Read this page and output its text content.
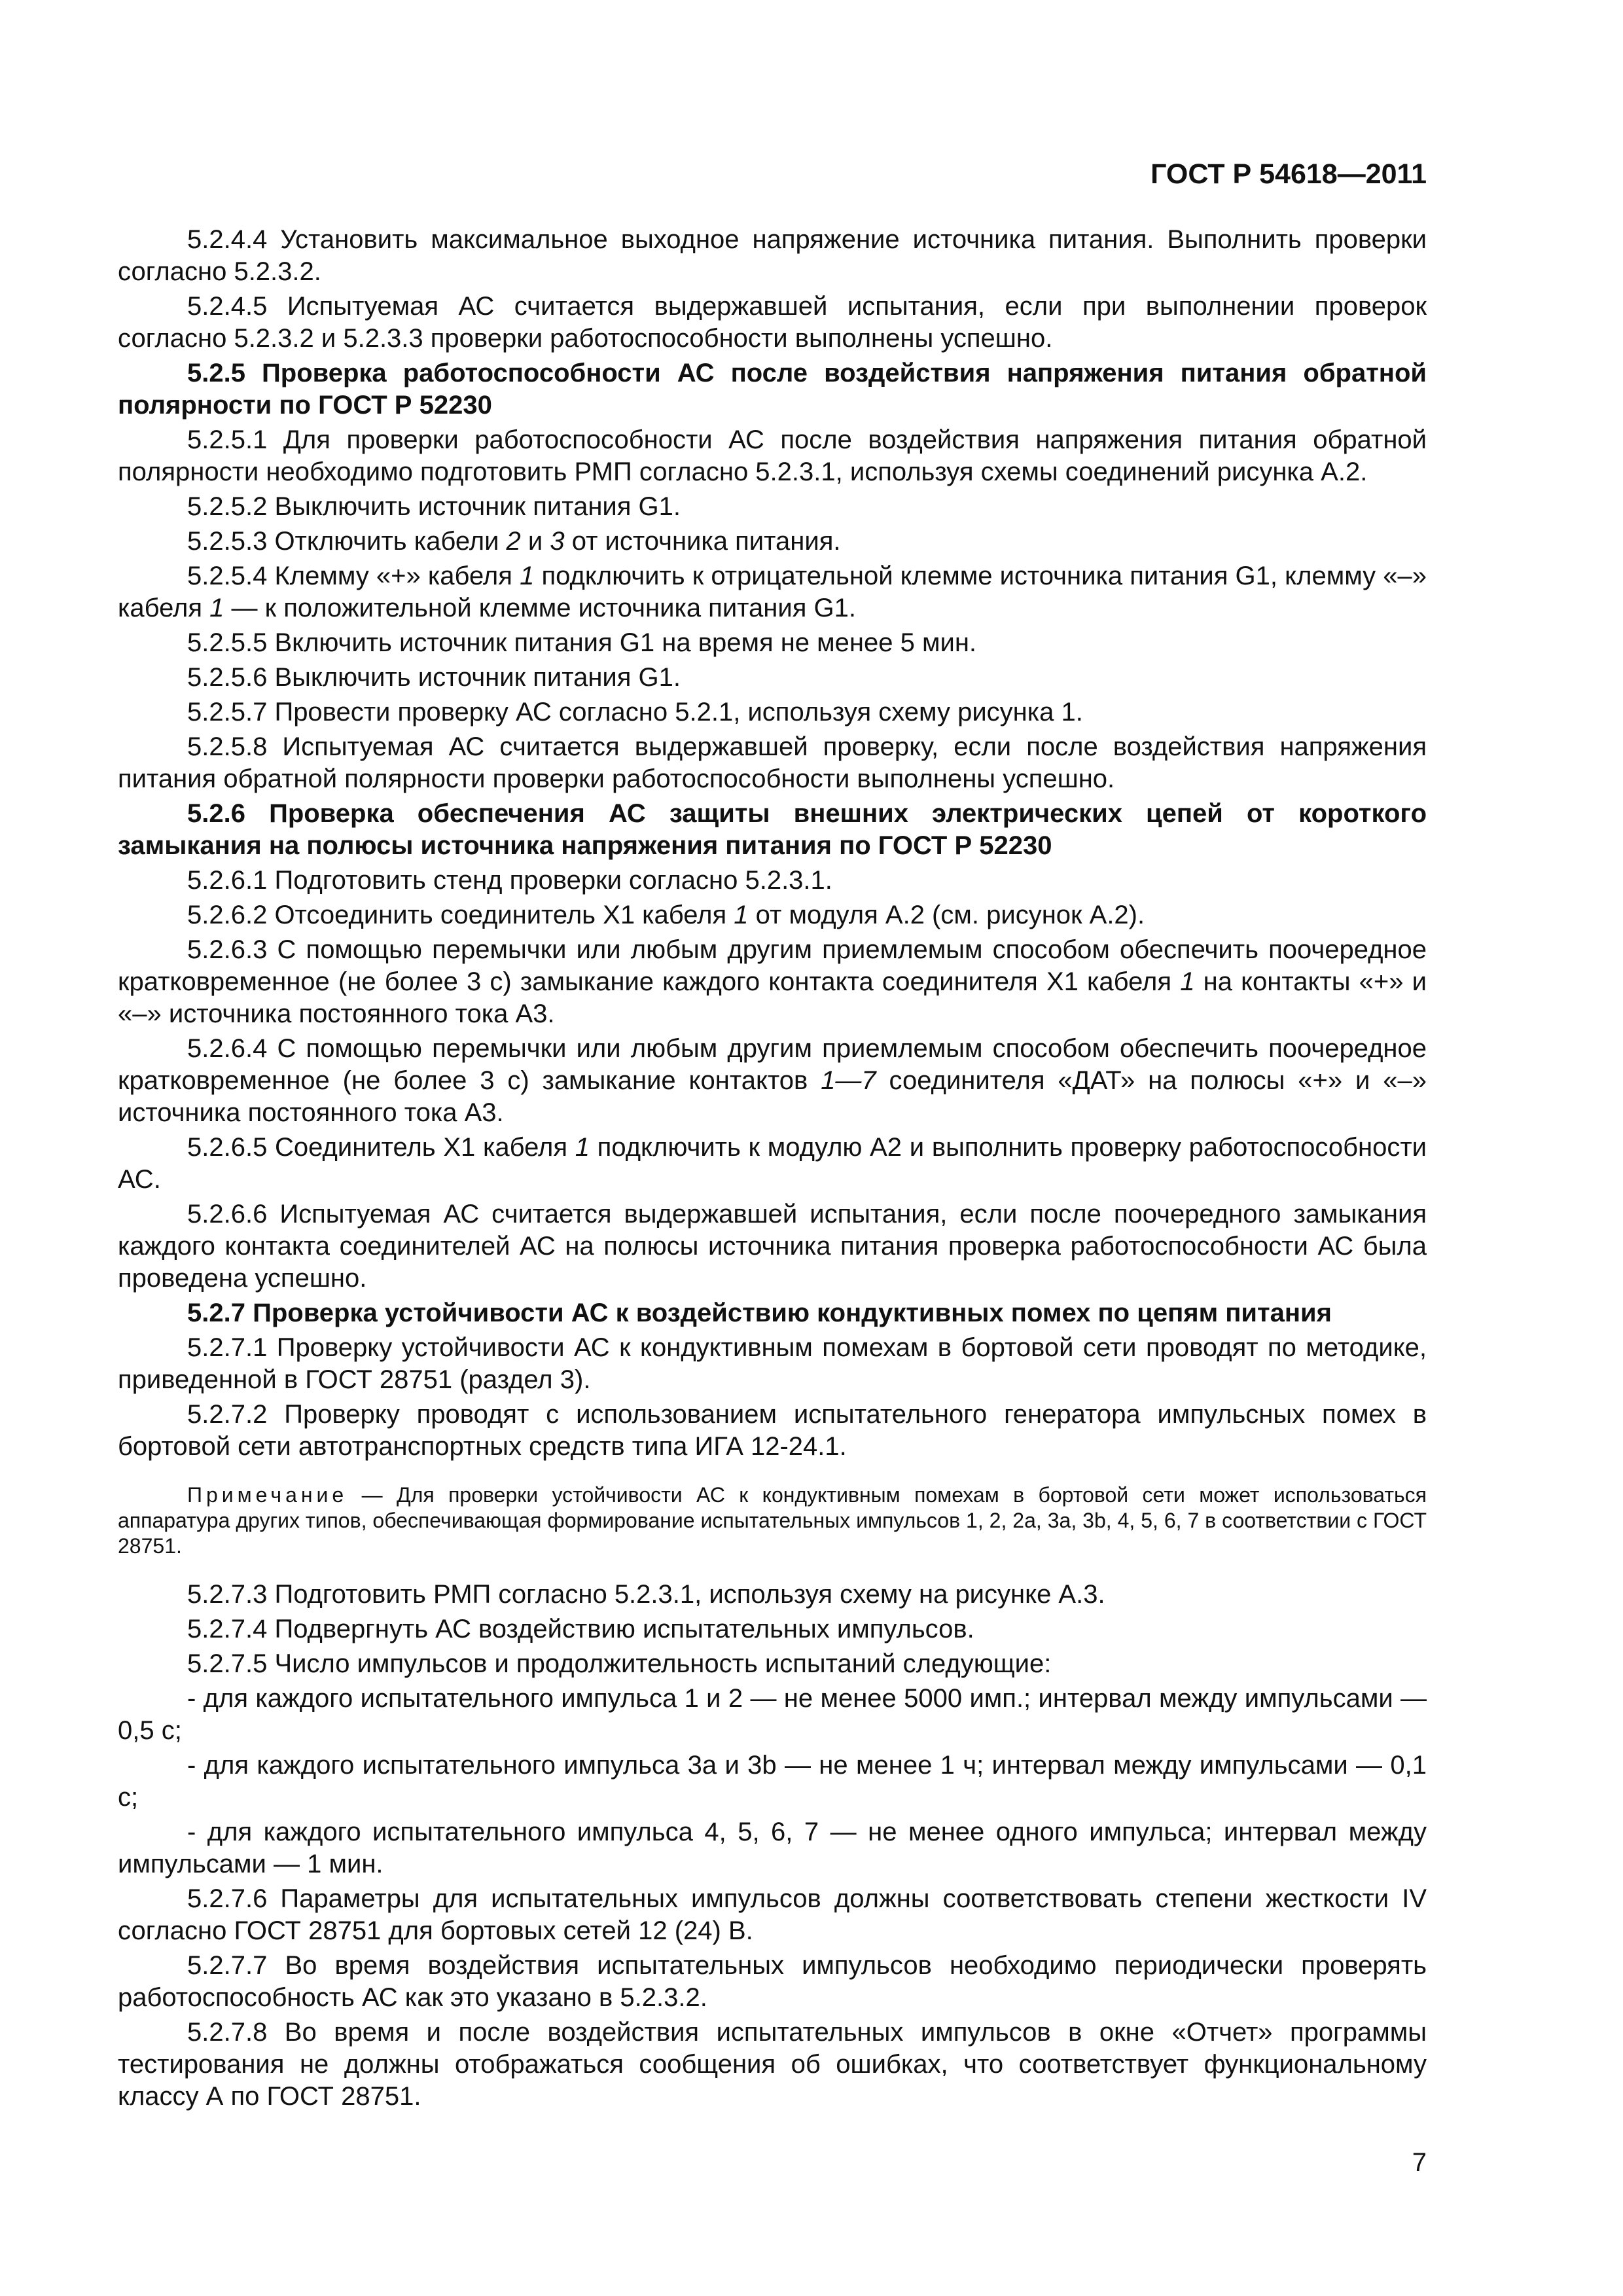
ГОСТ Р 54618—2011
5.2.4.4 Установить максимальное выходное напряжение источника питания. Выполнить проверки согласно 5.2.3.2.
5.2.4.5 Испытуемая АС считается выдержавшей испытания, если при выполнении проверок согласно 5.2.3.2 и 5.2.3.3 проверки работоспособности выполнены успешно.
5.2.5 Проверка работоспособности АС после воздействия напряжения питания обратной полярности по ГОСТ Р 52230
5.2.5.1 Для проверки работоспособности АС после воздействия напряжения питания обратной полярности необходимо подготовить РМП согласно 5.2.3.1, используя схемы соединений рисунка А.2.
5.2.5.2 Выключить источник питания G1.
5.2.5.3 Отключить кабели 2 и 3 от источника питания.
5.2.5.4 Клемму «+» кабеля 1 подключить к отрицательной клемме источника питания G1, клемму «–» кабеля 1 — к положительной клемме источника питания G1.
5.2.5.5 Включить источник питания G1 на время не менее 5 мин.
5.2.5.6 Выключить источник питания G1.
5.2.5.7 Провести проверку АС согласно 5.2.1, используя схему рисунка 1.
5.2.5.8 Испытуемая АС считается выдержавшей проверку, если после воздействия напряжения питания обратной полярности проверки работоспособности выполнены успешно.
5.2.6 Проверка обеспечения АС защиты внешних электрических цепей от короткого замыкания на полюсы источника напряжения питания по ГОСТ Р 52230
5.2.6.1 Подготовить стенд проверки согласно 5.2.3.1.
5.2.6.2 Отсоединить соединитель Х1 кабеля 1 от модуля А.2 (см. рисунок А.2).
5.2.6.3 С помощью перемычки или любым другим приемлемым способом обеспечить поочередное кратковременное (не более 3 с) замыкание каждого контакта соединителя Х1 кабеля 1 на контакты «+» и «–» источника постоянного тока А3.
5.2.6.4 С помощью перемычки или любым другим приемлемым способом обеспечить поочередное кратковременное (не более 3 с) замыкание контактов 1—7 соединителя «ДАТ» на полюсы «+» и «–» источника постоянного тока А3.
5.2.6.5 Соединитель Х1 кабеля 1 подключить к модулю А2 и выполнить проверку работоспособности АС.
5.2.6.6 Испытуемая АС считается выдержавшей испытания, если после поочередного замыкания каждого контакта соединителей АС на полюсы источника питания проверка работоспособности АС была проведена успешно.
5.2.7 Проверка устойчивости АС к воздействию кондуктивных помех по цепям питания
5.2.7.1 Проверку устойчивости АС к кондуктивным помехам в бортовой сети проводят по методике, приведенной в ГОСТ 28751 (раздел 3).
5.2.7.2 Проверку проводят с использованием испытательного генератора импульсных помех в бортовой сети автотранспортных средств типа ИГА 12-24.1.
Примечание — Для проверки устойчивости АС к кондуктивным помехам в бортовой сети может использоваться аппаратура других типов, обеспечивающая формирование испытательных импульсов 1, 2, 2а, 3а, 3b, 4, 5, 6, 7 в соответствии с ГОСТ 28751.
5.2.7.3 Подготовить РМП согласно 5.2.3.1, используя схему на рисунке А.3.
5.2.7.4 Подвергнуть АС воздействию испытательных импульсов.
5.2.7.5 Число импульсов и продолжительность испытаний следующие:
- для каждого испытательного импульса 1 и 2 — не менее 5000 имп.; интервал между импульсами — 0,5 с;
- для каждого испытательного импульса 3а и 3b — не менее 1 ч; интервал между импульсами — 0,1 с;
- для каждого испытательного импульса 4, 5, 6, 7 — не менее одного импульса; интервал между импульсами — 1 мин.
5.2.7.6 Параметры для испытательных импульсов должны соответствовать степени жесткости IV согласно ГОСТ 28751 для бортовых сетей 12 (24) В.
5.2.7.7 Во время воздействия испытательных импульсов необходимо периодически проверять работоспособность АС как это указано в 5.2.3.2.
5.2.7.8 Во время и после воздействия испытательных импульсов в окне «Отчет» программы тестирования не должны отображаться сообщения об ошибках, что соответствует функциональному классу А по ГОСТ 28751.
7
